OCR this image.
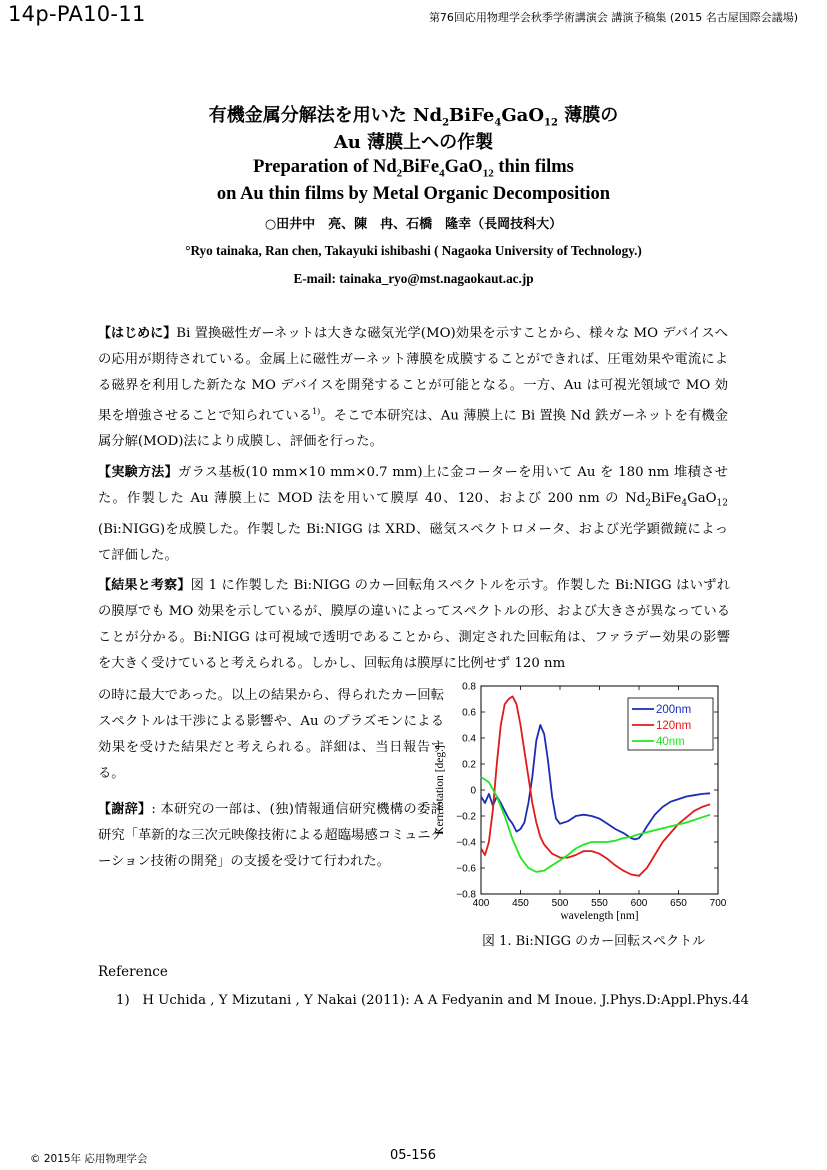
14p-PA10-11	第76回応用物理学会秋季学術講演会 講演予稿集 (2015 名古屋国際会議場)
有機金属分解法を用いた $Nd_2BiFe_4GaO_{12}$ 薄膜の
Au 薄膜上への作製
Preparation of $Nd_2BiFe_4GaO_{12}$ thin films
on Au thin films by Metal Organic Decomposition
○田井中　亮、陳　冉、石橋　隆幸（長岡技科大）
°Ryo tainaka, Ran chen, Takayuki ishibashi ( Nagaoka University of Technology.)
E-mail: tainaka_ryo@mst.nagaokaut.ac.jp
【はじめに】Bi 置換磁性ガーネットは大きな磁気光学(MO)効果を示すことから、様々な MO デバイスへの応用が期待されている。金属上に磁性ガーネット薄膜を成膜することができれば、圧電効果や電流による磁界を利用した新たな MO デバイスを開発することが可能となる。一方、Au は可視光領域で MO 効果を増強させることで知られている$^{1)}$。そこで本研究は、Au 薄膜上に Bi 置換 Nd 鉄ガーネットを有機金属分解(MOD)法により成膜し、評価を行った。
【実験方法】ガラス基板(10 mm×10 mm×0.7 mm)上に金コーターを用いて Au を 180 nm 堆積させた。作製した Au 薄膜上に MOD 法を用いて膜厚 40、120、および 200 nm の $Nd_2BiFe_4GaO_{12}$ (Bi:NIGG)を成膜した。作製した Bi:NIGG は XRD、磁気スペクトロメータ、および光学顕微鏡によって評価した。
【結果と考察】図 1 に作製した Bi:NIGG のカー回転角スペクトルを示す。作製した Bi:NIGG はいずれの膜厚でも MO 効果を示しているが、膜厚の違いによってスペクトルの形、および大きさが異なっていることが分かる。Bi:NIGG は可視域で透明であることから、測定された回転角は、ファラデー効果の影響を大きく受けていると考えられる。しかし、回転角は膜厚に比例せず 120 nm
の時に最大であった。以上の結果から、得られたカー回転スペクトルは干渉による影響や、Au のプラズモンによる効果を受けた結果だと考えられる。詳細は、当日報告する。
【謝辞】: 本研究の一部は、(独)情報通信研究機構の委託研究「革新的な三次元映像技術による超臨場感コミュニケーション技術の開発」の支援を受けて行われた。
400 450 500 550 600 650 700
0.8
0.6
0.4
0.2
0
−0.2
−0.4
−0.6
−0.8
200nm
120nm
40nm
Kerr rotation [deg.]
wavelength [nm]
図 1. Bi:NIGG のカー回転スペクトル
Reference
1)   H Uchida , Y Mizutani , Y Nakai (2011): A A Fedyanin and M Inoue. J.Phys.D:Appl.Phys.44
© 2015年 応用物理学会	05-156
